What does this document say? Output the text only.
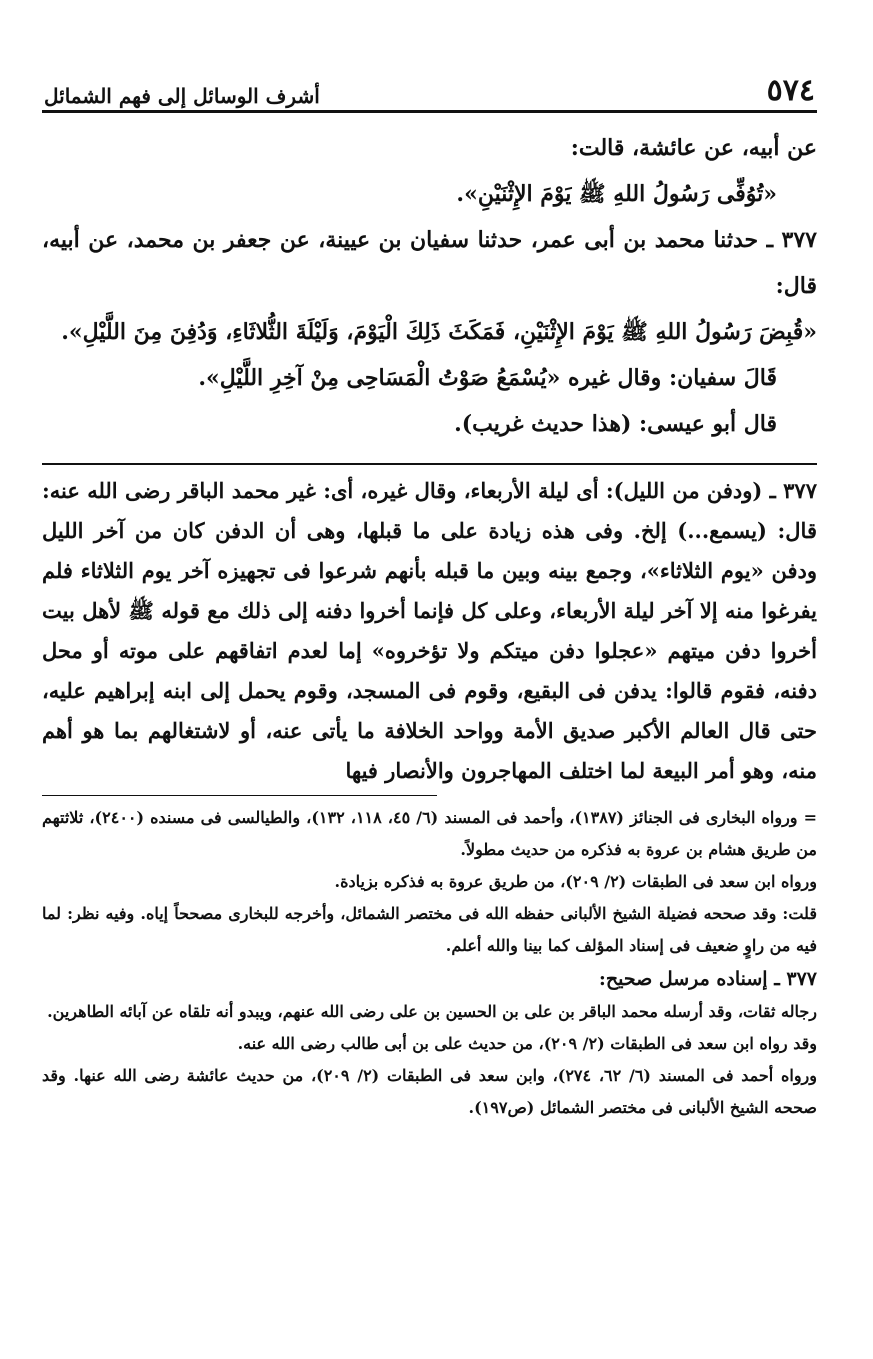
٥٧٤
أشرف الوسائل إلى فهم الشمائل

عن أبيه، عن عائشة، قالت:

«تُوُفِّى رَسُولُ اللهِ ﷺ يَوْمَ الإِثْنَيْنِ».

٣٧٧ ـ حدثنا محمد بن أبى عمر، حدثنا سفيان بن عيينة، عن جعفر بن محمد، عن أبيه، قال:

«قُبِضَ رَسُولُ اللهِ ﷺ يَوْمَ الإِثْنَيْنِ، فَمَكَثَ ذَلِكَ الْيَوْمَ، وَلَيْلَةَ الثُّلاثَاءِ، وَدُفِنَ مِنَ اللَّيْلِ».

قَالَ سفيان: وقال غيره «يُسْمَعُ صَوْتُ الْمَسَاحِى مِنْ آخِرِ اللَّيْلِ».

قال أبو عيسى: (هذا حديث غريب).

٣٧٧ ـ (ودفن من الليل): أى ليلة الأربعاء، وقال غيره، أى: غير محمد الباقر رضى الله عنه: قال: (يسمع...) إلخ. وفى هذه زيادة على ما قبلها، وهى أن الدفن كان من آخر الليل ودفن «يوم الثلاثاء»، وجمع بينه وبين ما قبله بأنهم شرعوا فى تجهيزه آخر يوم الثلاثاء فلم يفرغوا منه إلا آخر ليلة الأربعاء، وعلى كل فإنما أخروا دفنه إلى ذلك مع قوله ﷺ لأهل بيت أخروا دفن ميتهم «عجلوا دفن ميتكم ولا تؤخروه» إما لعدم اتفاقهم على موته أو محل دفنه، فقوم قالوا: يدفن فى البقيع، وقوم فى المسجد، وقوم يحمل إلى ابنه إبراهيم عليه، حتى قال العالم الأكبر صديق الأمة وواحد الخلافة ما يأتى عنه، أو لاشتغالهم بما هو أهم منه، وهو أمر البيعة لما اختلف المهاجرون والأنصار فيها

= ورواه البخارى فى الجنائز (١٣٨٧)، وأحمد فى المسند (٦/ ٤٥، ١١٨، ١٣٢)، والطيالسى فى مسنده (٢٤٠٠)، ثلاثتهم من طريق هشام بن عروة به فذكره من حديث مطولاً.

ورواه ابن سعد فى الطبقات (٢/ ٢٠٩)، من طريق عروة به فذكره بزيادة.

قلت: وقد صححه فضيلة الشيخ الألبانى حفظه الله فى مختصر الشمائل، وأخرجه للبخارى مصححاً إياه. وفيه نظر: لما فيه من راوٍ ضعيف فى إسناد المؤلف كما بينا والله أعلم.

٣٧٧ ـ إسناده مرسل صحيح:

رجاله ثقات، وقد أرسله محمد الباقر بن على بن الحسين بن على رضى الله عنهم، ويبدو أنه تلقاه عن آبائه الطاهرين.

وقد رواه ابن سعد فى الطبقات (٢/ ٢٠٩)، من حديث على بن أبى طالب رضى الله عنه.

ورواه أحمد فى المسند (٦/ ٦٢، ٢٧٤)، وابن سعد فى الطبقات (٢/ ٢٠٩)، من حديث عائشة رضى الله عنها. وقد صححه الشيخ الألبانى فى مختصر الشمائل (ص١٩٧).
